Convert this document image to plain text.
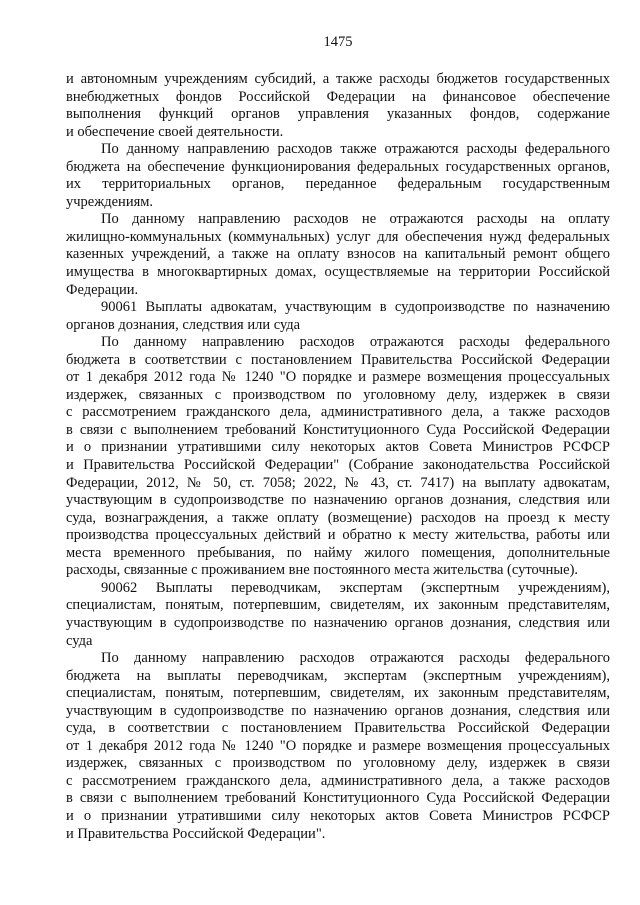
1475
и автономным учреждениям субсидий, а также расходы бюджетов государственных
внебюджетных фондов Российской Федерации на финансовое обеспечение
выполнения функций органов управления указанных фондов, содержание
и обеспечение своей деятельности.
По данному направлению расходов также отражаются расходы федерального
бюджета на обеспечение функционирования федеральных государственных органов,
их территориальных органов, переданное федеральным государственным
учреждениям.
По данному направлению расходов не отражаются расходы на оплату
жилищно-коммунальных (коммунальных) услуг для обеспечения нужд федеральных
казенных учреждений, а также на оплату взносов на капитальный ремонт общего
имущества в многоквартирных домах, осуществляемые на территории Российской
Федерации.
90061 Выплаты адвокатам, участвующим в судопроизводстве по назначению
органов дознания, следствия или суда
По данному направлению расходов отражаются расходы федерального
бюджета в соответствии с постановлением Правительства Российской Федерации
от 1 декабря 2012 года № 1240 "О порядке и размере возмещения процессуальных
издержек, связанных с производством по уголовному делу, издержек в связи
с рассмотрением гражданского дела, административного дела, а также расходов
в связи с выполнением требований Конституционного Суда Российской Федерации
и о признании утратившими силу некоторых актов Совета Министров РСФСР
и Правительства Российской Федерации" (Собрание законодательства Российской
Федерации, 2012, № 50, ст. 7058; 2022, № 43, ст. 7417) на выплату адвокатам,
участвующим в судопроизводстве по назначению органов дознания, следствия или
суда, вознаграждения, а также оплату (возмещение) расходов на проезд к месту
производства процессуальных действий и обратно к месту жительства, работы или
места временного пребывания, по найму жилого помещения, дополнительные
расходы, связанные с проживанием вне постоянного места жительства (суточные).
90062 Выплаты переводчикам, экспертам (экспертным учреждениям),
специалистам, понятым, потерпевшим, свидетелям, их законным представителям,
участвующим в судопроизводстве по назначению органов дознания, следствия или
суда
По данному направлению расходов отражаются расходы федерального
бюджета на выплаты переводчикам, экспертам (экспертным учреждениям),
специалистам, понятым, потерпевшим, свидетелям, их законным представителям,
участвующим в судопроизводстве по назначению органов дознания, следствия или
суда, в соответствии с постановлением Правительства Российской Федерации
от 1 декабря 2012 года № 1240 "О порядке и размере возмещения процессуальных
издержек, связанных с производством по уголовному делу, издержек в связи
с рассмотрением гражданского дела, административного дела, а также расходов
в связи с выполнением требований Конституционного Суда Российской Федерации
и о признании утратившими силу некоторых актов Совета Министров РСФСР
и Правительства Российской Федерации".
